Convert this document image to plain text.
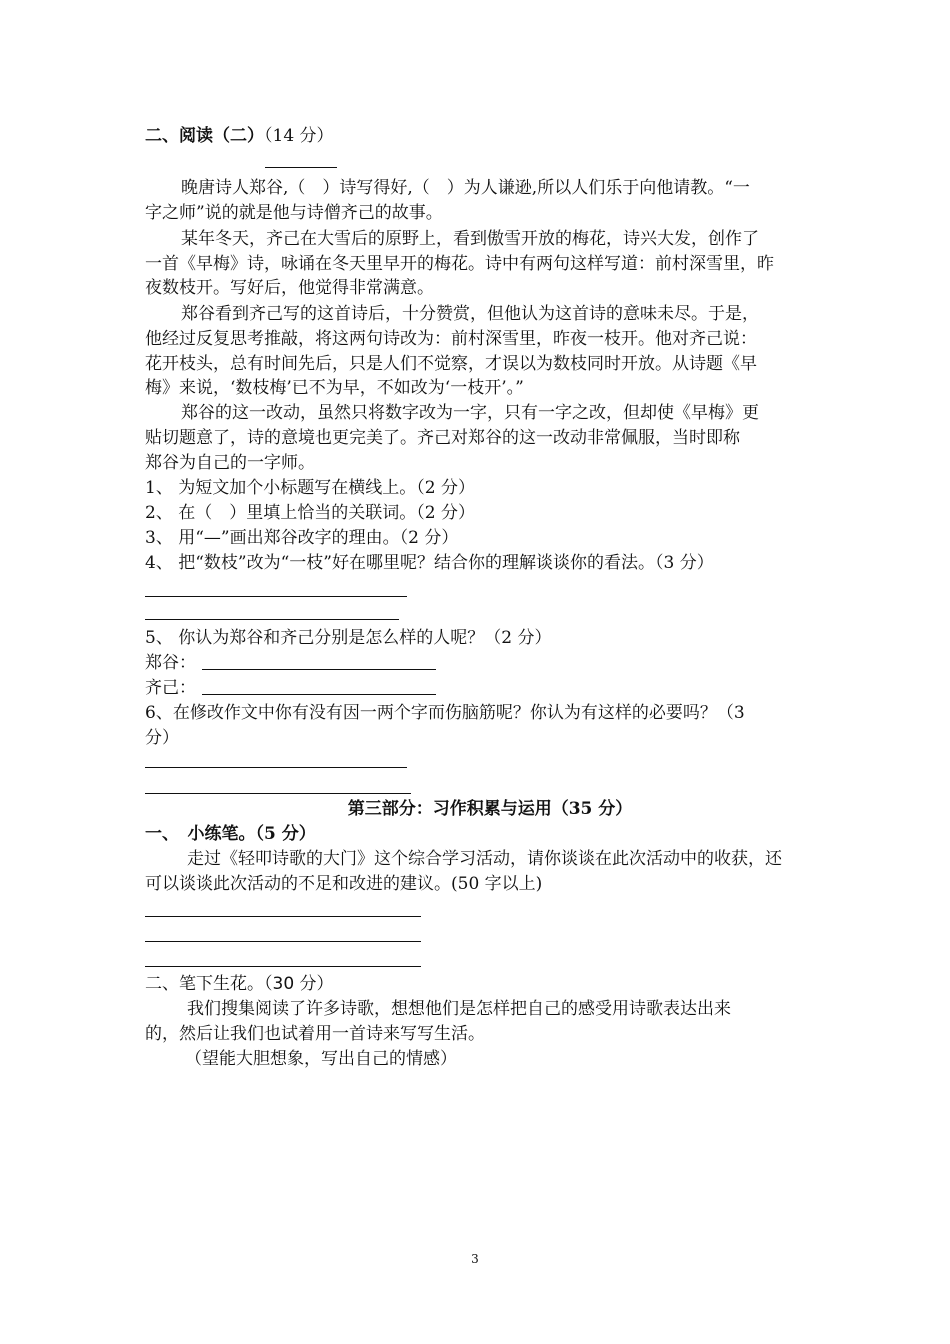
二、阅读（二）（14 分）
晚唐诗人郑谷,（　）诗写得好,（　）为人谦逊,所以人们乐于向他请教。“一
字之师”说的就是他与诗僧齐己的故事。
某年冬天，齐己在大雪后的原野上，看到傲雪开放的梅花，诗兴大发，创作了
一首《早梅》诗，咏诵在冬天里早开的梅花。诗中有两句这样写道：前村深雪里，昨
夜数枝开。写好后，他觉得非常满意。
郑谷看到齐己写的这首诗后，十分赞赏，但他认为这首诗的意味未尽。于是，
他经过反复思考推敲，将这两句诗改为：前村深雪里，昨夜一枝开。他对齐己说：
花开枝头，总有时间先后，只是人们不觉察，才误以为数枝同时开放。从诗题《早
梅》来说，‘数枝梅’已不为早，不如改为‘一枝开’。”
郑谷的这一改动，虽然只将数字改为一字，只有一字之改，但却使《早梅》更
贴切题意了，诗的意境也更完美了。齐己对郑谷的这一改动非常佩服，当时即称
郑谷为自己的一字师。
1、 为短文加个小标题写在横线上。（2 分）
2、 在（　）里填上恰当的关联词。（2 分）
3、 用“—”画出郑谷改字的理由。（2 分）
4、 把“数枝”改为“一枝”好在哪里呢？结合你的理解谈谈你的看法。（3 分）
5、 你认为郑谷和齐己分别是怎么样的人呢？（2 分）
郑谷：
齐己：
6、在修改作文中你有没有因一两个字而伤脑筋呢？你认为有这样的必要吗？（3
分）
第三部分：习作积累与运用（35 分）
一、　小练笔。（5 分）
走过《轻叩诗歌的大门》这个综合学习活动，请你谈谈在此次活动中的收获，还
可以谈谈此次活动的不足和改进的建议。(50 字以上)
二、笔下生花。（30 分）
我们搜集阅读了许多诗歌，想想他们是怎样把自己的感受用诗歌表达出来
的，然后让我们也试着用一首诗来写写生活。
（望能大胆想象，写出自己的情感）
3
